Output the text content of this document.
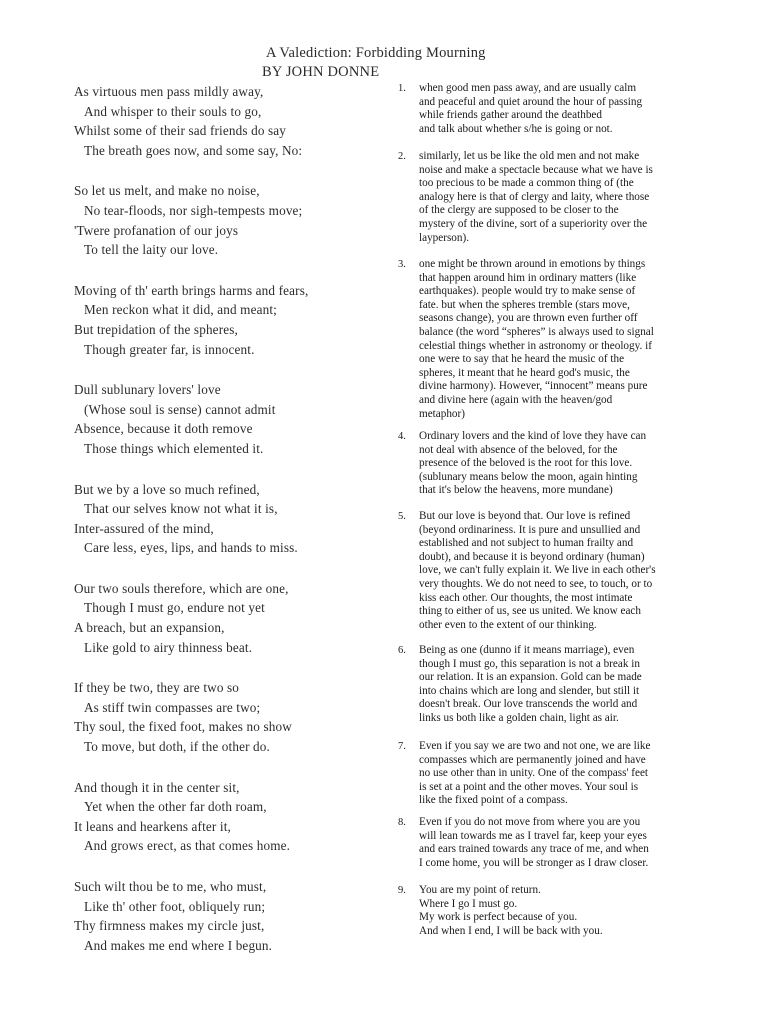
A Valediction: Forbidding Mourning
BY JOHN DONNE
As virtuous men pass mildly away,
And whisper to their souls to go,
Whilst some of their sad friends do say
The breath goes now, and some say, No:
So let us melt, and make no noise,
No tear-floods, nor sigh-tempests move;
'Twere profanation of our joys
To tell the laity our love.
Moving of th' earth brings harms and fears,
Men reckon what it did, and meant;
But trepidation of the spheres,
Though greater far, is innocent.
Dull sublunary lovers' love
(Whose soul is sense) cannot admit
Absence, because it doth remove
Those things which elemented it.
But we by a love so much refined,
That our selves know not what it is,
Inter-assured of the mind,
Care less, eyes, lips, and hands to miss.
Our two souls therefore, which are one,
Though I must go, endure not yet
A breach, but an expansion,
Like gold to airy thinness beat.
If they be two, they are two so
As stiff twin compasses are two;
Thy soul, the fixed foot, makes no show
To move, but doth, if the other do.
And though it in the center sit,
Yet when the other far doth roam,
It leans and hearkens after it,
And grows erect, as that comes home.
Such wilt thou be to me, who must,
Like th' other foot, obliquely run;
Thy firmness makes my circle just,
And makes me end where I begun.
1.	when good men pass away, and are usually calm
and peaceful and quiet around the hour of passing
while friends gather around the deathbed
and talk about whether s/he is going or not.
2.	similarly, let us be like the old men and not make
noise and make a spectacle because what we have is
too precious to be made a common thing of (the
analogy here is that of clergy and laity, where those
of the clergy are supposed to be closer to the
mystery of the divine, sort of a superiority over the
layperson).
3.	one might be thrown around in emotions by things
that happen around him in ordinary matters (like
earthquakes). people would try to make sense of
fate. but when the spheres tremble (stars move,
seasons change), you are thrown even further off
balance (the word “spheres” is always used to signal
celestial things whether in astronomy or theology. if
one were to say that he heard the music of the
spheres, it meant that he heard god's music, the
divine harmony). However, “innocent” means pure
and divine here (again with the heaven/god
metaphor)
4.	Ordinary lovers and the kind of love they have can
not deal with absence of the beloved, for the
presence of the beloved is the root for this love.
(sublunary means below the moon, again hinting
that it's below the heavens, more mundane)
5.	But our love is beyond that. Our love is refined
(beyond ordinariness. It is pure and unsullied and
established and not subject to human frailty and
doubt), and because it is beyond ordinary (human)
love, we can't fully explain it. We live in each other's
very thoughts. We do not need to see, to touch, or to
kiss each other. Our thoughts, the most intimate
thing to either of us, see us united. We know each
other even to the extent of our thinking.
6.	Being as one (dunno if it means marriage), even
though I must go, this separation is not a break in
our relation. It is an expansion. Gold can be made
into chains which are long and slender, but still it
doesn't break. Our love transcends the world and
links us both like a golden chain, light as air.
7.	Even if you say we are two and not one, we are like
compasses which are permanently joined and have
no use other than in unity. One of the compass' feet
is set at a point and the other moves. Your soul is
like the fixed point of a compass.
8.	Even if you do not move from where you are you
will lean towards me as I travel far, keep your eyes
and ears trained towards any trace of me, and when
I come home, you will be stronger as I draw closer.
9.	You are my point of return.
Where I go I must go.
My work is perfect because of you.
And when I end, I will be back with you.
